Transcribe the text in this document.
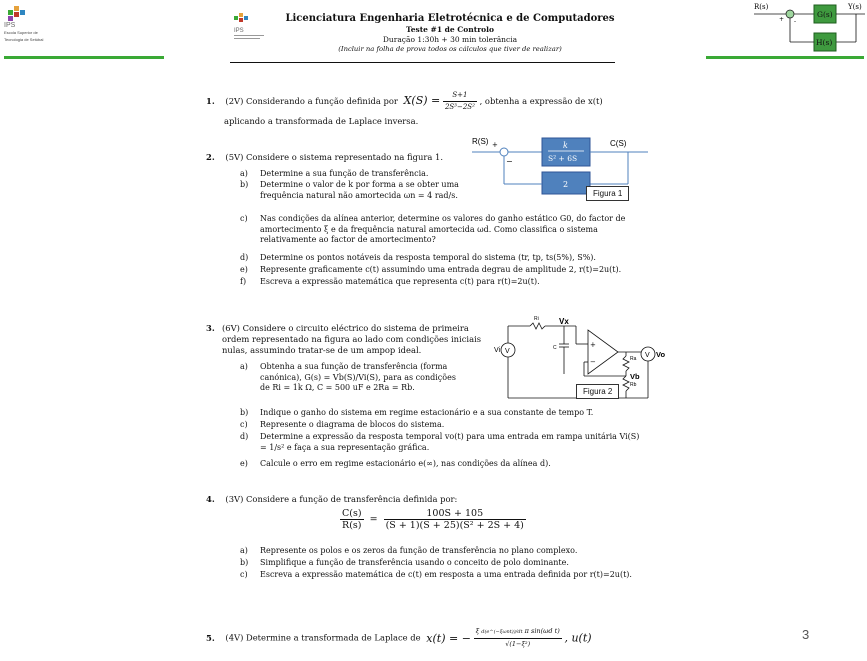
IPS
Escola Superior de Tecnologia de Setúbal
IPS
Licenciatura Engenharia Eletrotécnica e de Computadores
Teste #1 de Controlo
Duração 1:30h + 30 min tolerância
(Incluir na folha de prova todos os cálculos que tiver de realizar)
R(s)	Y(s)
+ -
G(s)
H(s)
1. (2V) Considerando a função definida por $X(S) = \frac{S+1}{\text{2S³−2S²}}$ , obtenha a expressão de x(t)
aplicando a transformada de Laplace inversa.
2. (5V) Considere o sistema representado na figura 1.
a) Determine a sua função de transferência.
b) Determine o valor de k por forma a se obter uma frequência natural não amortecida ωn = 4 rad/s.
c) Nas condições da alínea anterior, determine os valores do ganho estático G0, do factor de amortecimento ξ e da frequência natural amortecida ωd. Como classifica o sistema relativamente ao factor de amortecimento?
d) Determine os pontos notáveis da resposta temporal do sistema (tr, tp, ts(5%), S%).
e) Represente graficamente c(t) assumindo uma entrada degrau de amplitude 2, r(t)=2u(t).
f) Escreva a expressão matemática que representa c(t) para r(t)=2u(t).
R(S)	C(S)
+
−
k
S² + 6S
2
Figura 1
3. (6V) Considere o circuito eléctrico do sistema de primeira ordem representado na figura ao lado com condições iniciais nulas, assumindo tratar-se de um ampop ideal.
a) Obtenha a sua função de transferência (forma canónica), G(s) = Vb(S)/Vi(S), para as condições de Ri = 1k Ω, C = 500 uF e 2Ra = Rb.
b) Indique o ganho do sistema em regime estacionário e a sua constante de tempo T.
c) Represente o diagrama de blocos do sistema.
d) Determine a expressão da resposta temporal vo(t) para uma entrada em rampa unitária Vi(S) = 1/s² e faça a sua representação gráfica.
e) Calcule o erro em regime estacionário e(∞), nas condições da alínea d).
V
Vi
Ri	Vx
C	+
−	Ra
Rb
Vb
V Vo
Figura 2
4. (3V) Considere a função de transferência definida por:
$\frac{C(s)}{R(s)} = \frac{100S + 105}{\text{(S + 1)(S + 25)(S² + 2S + 4)}}$
a) Represente os polos e os zeros da função de transferência no plano complexo.
b) Simplifique a função de transferência usando o conceito de polo dominante.
c) Escreva a expressão matemática de c(t) em resposta a uma entrada definida por r(t)=2u(t).
5. (4V) Determine a transformada de Laplace de x(t) = − $\frac{\text{ξ d(e\textasciicircum{}(−ξωnt))/dt π sin(ωd t)}}{\text{√(1−ξ²)}}$ , u(t)	3
